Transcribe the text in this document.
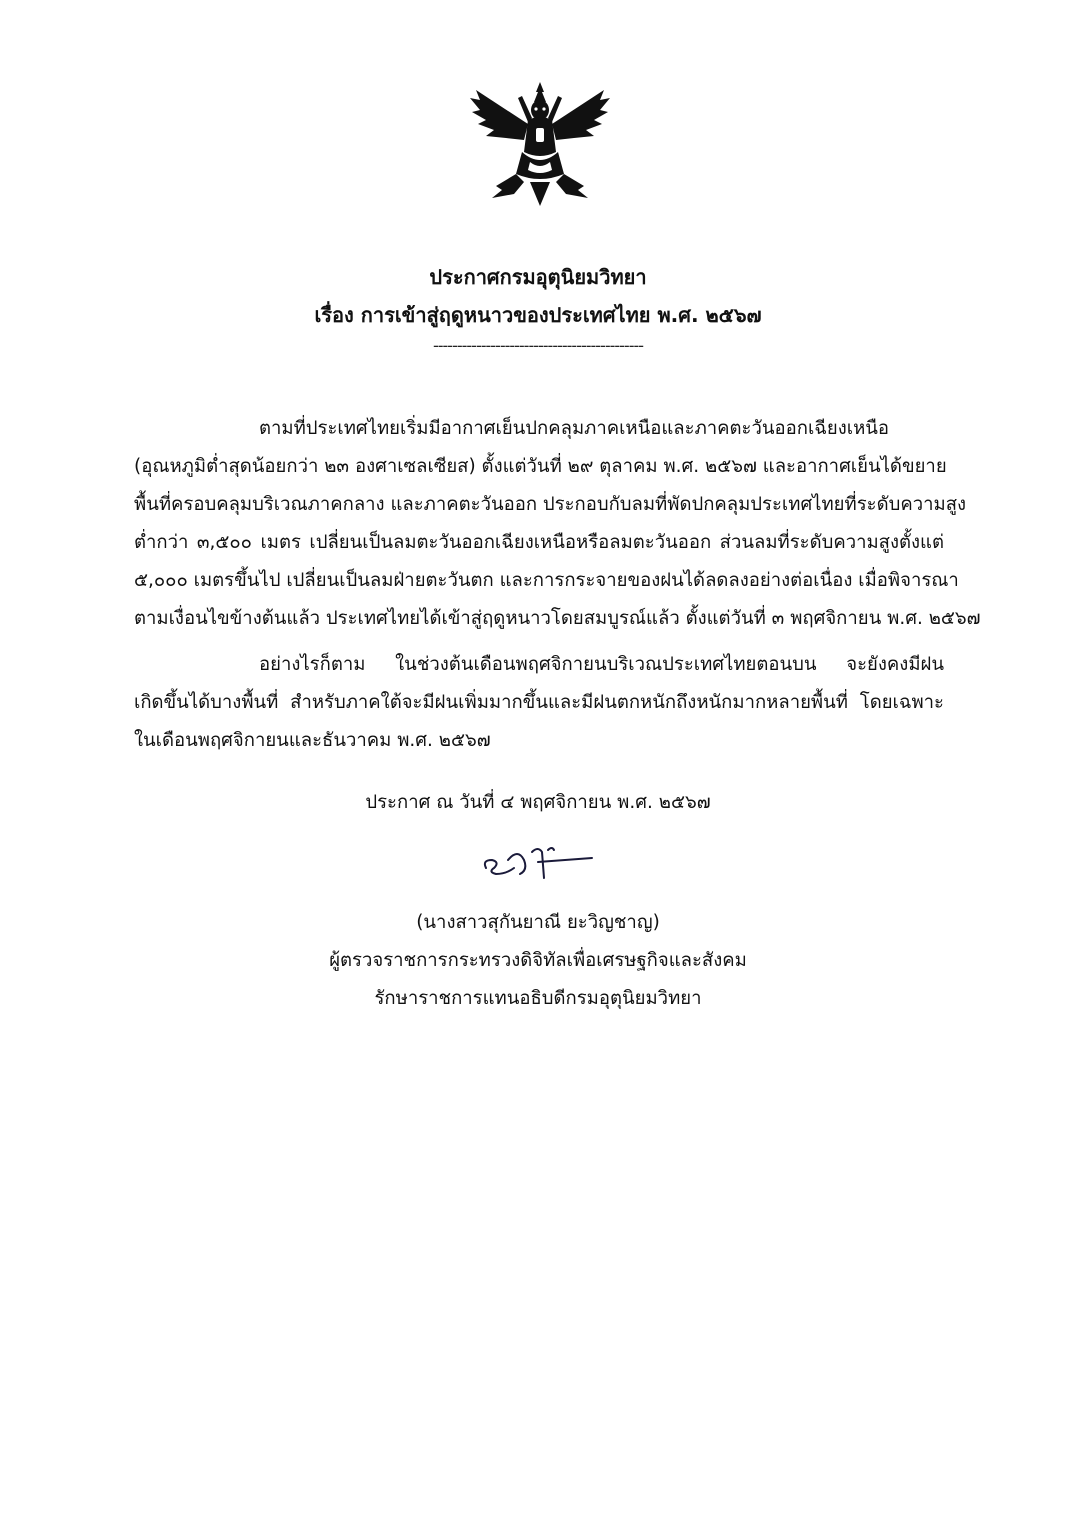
ประกาศกรมอุตุนิยมวิทยา
เรื่อง การเข้าสู่ฤดูหนาวของประเทศไทย พ.ศ. ๒๕๖๗
--------------------------------------------
ตามที่ประเทศไทยเริ่มมีอากาศเย็นปกคลุมภาคเหนือและภาคตะวันออกเฉียงเหนือ
(อุณหภูมิต่ำสุดน้อยกว่า ๒๓ องศาเซลเซียส) ตั้งแต่วันที่ ๒๙ ตุลาคม พ.ศ. ๒๕๖๗ และอากาศเย็นได้ขยาย
พื้นที่ครอบคลุมบริเวณภาคกลาง และภาคตะวันออก ประกอบกับลมที่พัดปกคลุมประเทศไทยที่ระดับความสูง
ต่ำกว่า ๓,๕๐๐ เมตร เปลี่ยนเป็นลมตะวันออกเฉียงเหนือหรือลมตะวันออก ส่วนลมที่ระดับความสูงตั้งแต่
๕,๐๐๐ เมตรขึ้นไป เปลี่ยนเป็นลมฝ่ายตะวันตก และการกระจายของฝนได้ลดลงอย่างต่อเนื่อง เมื่อพิจารณา
ตามเงื่อนไขข้างต้นแล้ว ประเทศไทยได้เข้าสู่ฤดูหนาวโดยสมบูรณ์แล้ว ตั้งแต่วันที่ ๓ พฤศจิกายน พ.ศ. ๒๕๖๗
อย่างไรก็ตาม ในช่วงต้นเดือนพฤศจิกายนบริเวณประเทศไทยตอนบน จะยังคงมีฝน
เกิดขึ้นได้บางพื้นที่ สำหรับภาคใต้จะมีฝนเพิ่มมากขึ้นและมีฝนตกหนักถึงหนักมากหลายพื้นที่ โดยเฉพาะ
ในเดือนพฤศจิกายนและธันวาคม พ.ศ. ๒๕๖๗
ประกาศ ณ วันที่ ๔ พฤศจิกายน พ.ศ. ๒๕๖๗
(นางสาวสุกันยาณี ยะวิญชาญ)
ผู้ตรวจราชการกระทรวงดิจิทัลเพื่อเศรษฐกิจและสังคม
รักษาราชการแทนอธิบดีกรมอุตุนิยมวิทยา
